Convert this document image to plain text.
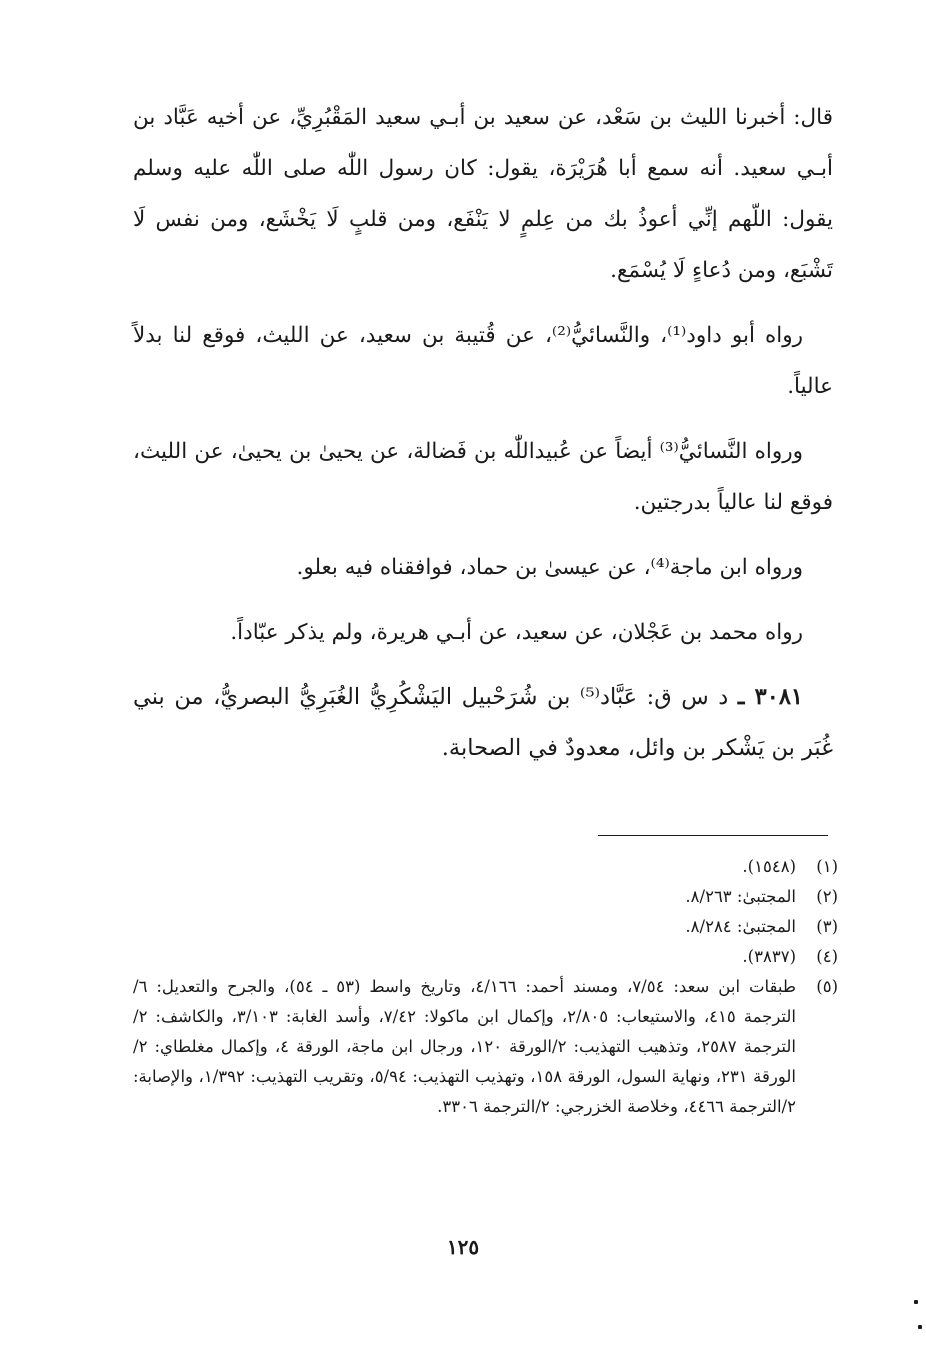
قال: أخبرنا الليث بن سَعْد، عن سعيد بن أبـي سعيد المَقْبُرِيِّ، عن أخيه عَبَّاد بن أبـي سعيد. أنه سمع أبا هُرَيْرَة، يقول: كان رسول اللّٰه صلى اللّٰه عليه وسلم يقول: اللّهم إنِّي أعوذُ بك من عِلمٍ لا يَنْفَع، ومن قلبٍ لَا يَخْشَع، ومن نفس لَا تَشْبَع، ومن دُعاءٍ لَا يُسْمَع.

رواه أبو داود⁽¹⁾، والنَّسائيُّ⁽²⁾، عن قُتيبة بن سعيد، عن الليث، فوقع لنا بدلاً عالياً.

ورواه النَّسائيُّ⁽³⁾ أيضاً عن عُبيداللّٰه بن فَضالة، عن يحيىٰ بن يحيىٰ، عن الليث، فوقع لنا عالياً بدرجتين.

ورواه ابن ماجة⁽⁴⁾، عن عيسىٰ بن حماد، فوافقناه فيه بعلو.

رواه محمد بن عَجْلان، عن سعيد، عن أبـي هريرة، ولم يذكر عبّاداً.

٣٠٨١ ـ د س ق: عَبَّاد⁽⁵⁾ بن شُرَحْبيل اليَشْكُرِيُّ الغُبَرِيُّ البصريُّ، من بني غُبَر بن يَشْكر بن وائل، معدودٌ في الصحابة.

(١)
(١٥٤٨).
(٢)
المجتبىٰ: ٨/٢٦٣.
(٣)
المجتبىٰ: ٨/٢٨٤.
(٤)
(٣٨٣٧).
(٥)
طبقات ابن سعد: ٧/٥٤، ومسند أحمد: ٤/١٦٦، وتاريخ واسط (٥٣ ـ ٥٤)، والجرح والتعديل: ٦/الترجمة ٤١٥، والاستيعاب: ٢/٨٠٥، وإكمال ابن ماكولا: ٧/٤٢، وأسد الغابة: ٣/١٠٣، والكاشف: ٢/الترجمة ٢٥٨٧، وتذهيب التهذيب: ٢/الورقة ١٢٠، ورجال ابن ماجة، الورقة ٤، وإكمال مغلطاي: ٢/الورقة ٢٣١، ونهاية السول، الورقة ١٥٨، وتهذيب التهذيب: ٥/٩٤، وتقريب التهذيب: ١/٣٩٢، والإصابة: ٢/الترجمة ٤٤٦٦، وخلاصة الخزرجي: ٢/الترجمة ٣٣٠٦.
١٢٥
